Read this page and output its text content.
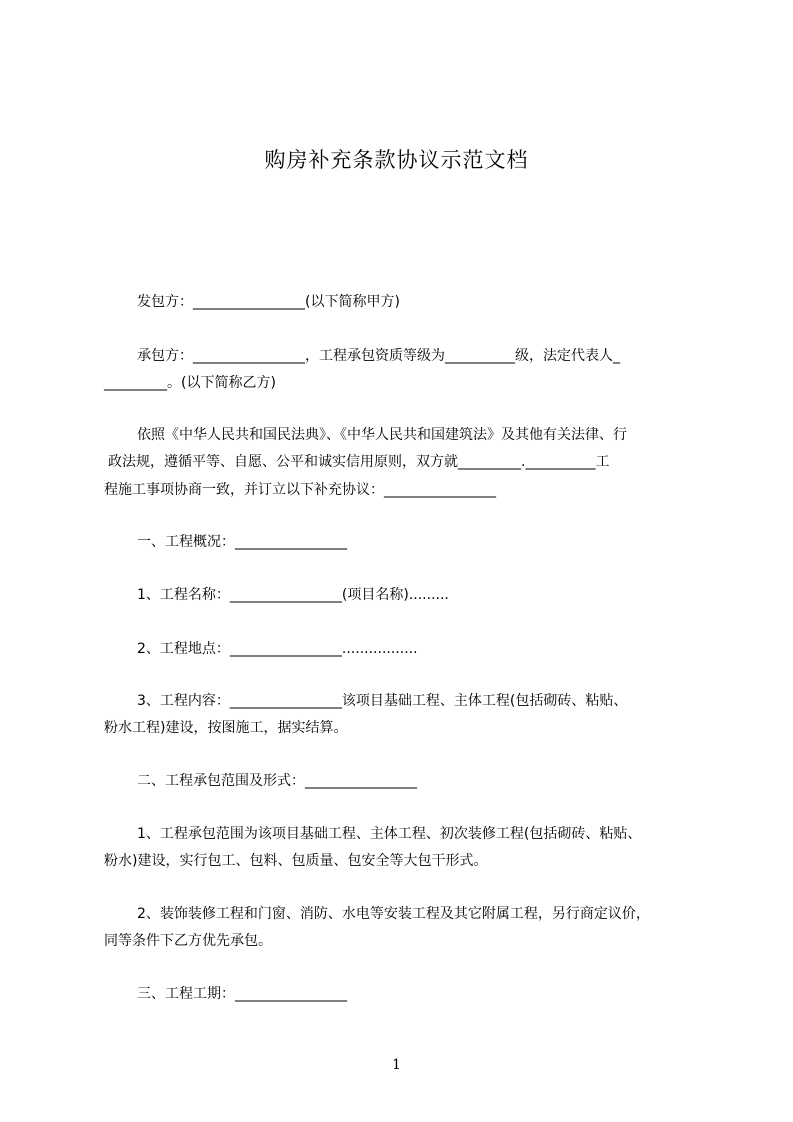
购房补充条款协议示范文档
发包方：________________(以下简称甲方)
承包方：________________，工程承包资质等级为__________级，法定代表人_
_________。(以下简称乙方)
依照《中华人民共和国民法典》、《中华人民共和国建筑法》及其他有关法律、行
政法规，遵循平等、自愿、公平和诚实信用原则，双方就_________.__________工
程施工事项协商一致，并订立以下补充协议：________________
一、工程概况：________________
1、工程名称：________________(项目名称).........
2、工程地点：________________.................
3、工程内容：________________该项目基础工程、主体工程(包括砌砖、粘贴、
粉水工程)建设，按图施工，据实结算。
二、工程承包范围及形式：________________
1、工程承包范围为该项目基础工程、主体工程、初次装修工程(包括砌砖、粘贴、
粉水)建设，实行包工、包料、包质量、包安全等大包干形式。
2、装饰装修工程和门窗、消防、水电等安装工程及其它附属工程，另行商定议价，
同等条件下乙方优先承包。
三、工程工期：________________
1
